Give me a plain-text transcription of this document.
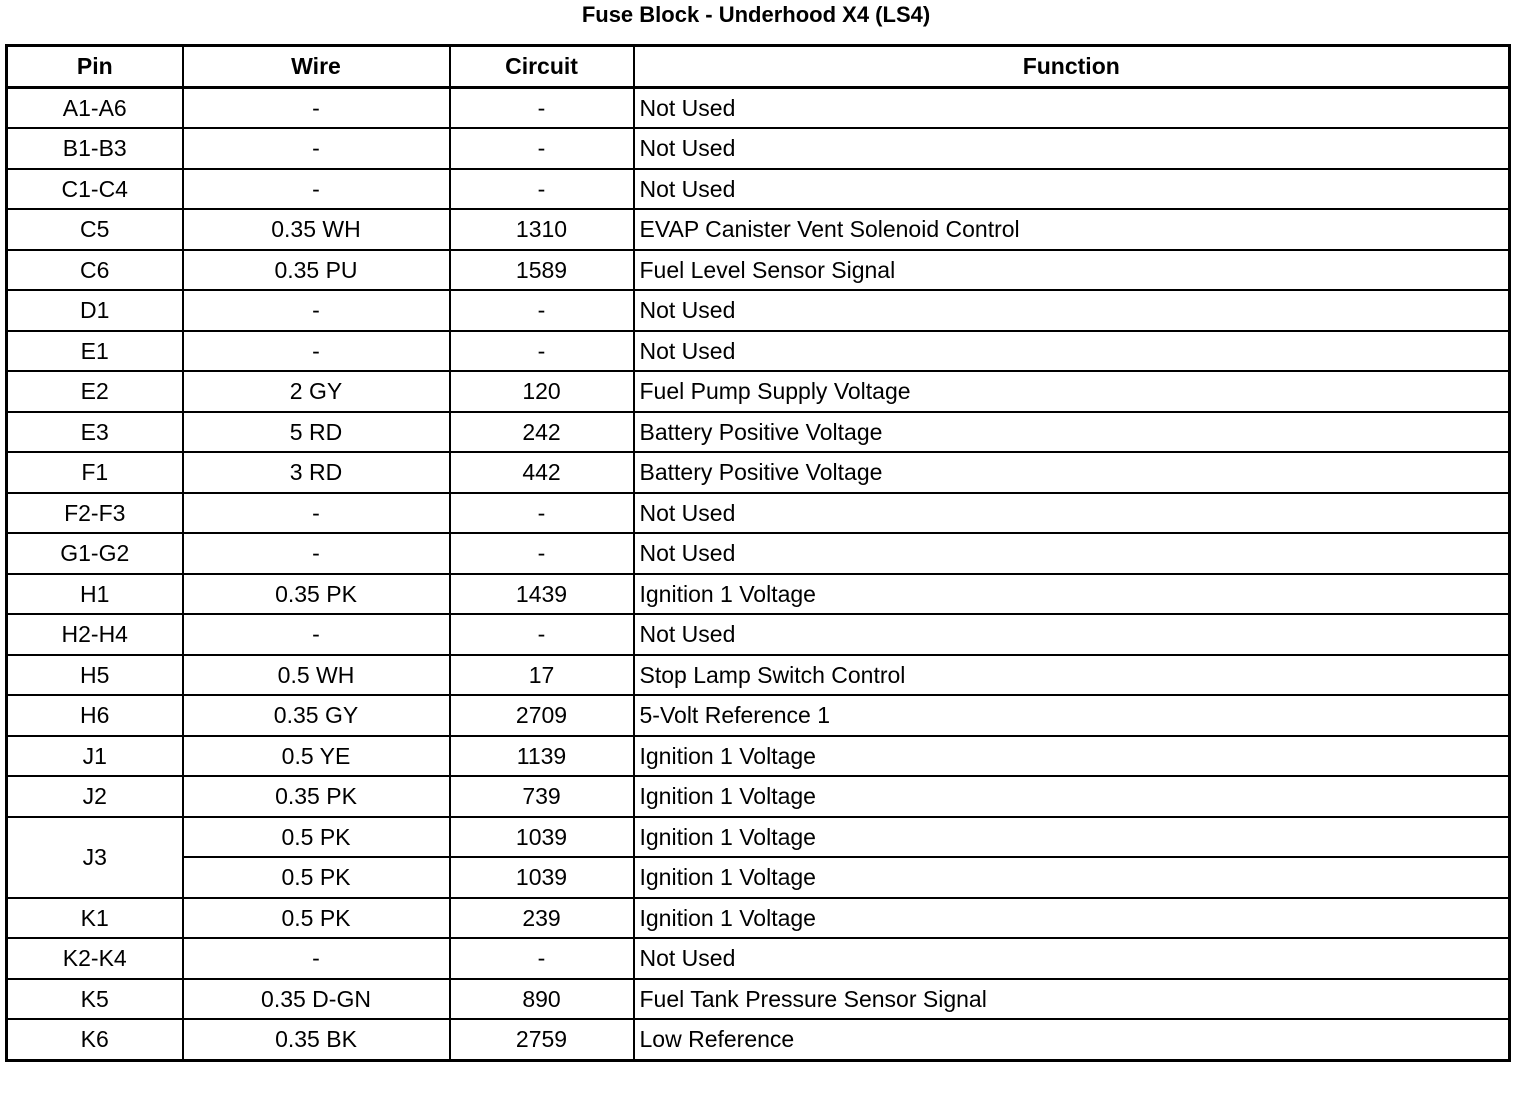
Fuse Block - Underhood X4 (LS4)
Pin	Wire	Circuit	Function
A1-A6	-	-	Not Used
B1-B3	-	-	Not Used
C1-C4	-	-	Not Used
C5	0.35 WH	1310	EVAP Canister Vent Solenoid Control
C6	0.35 PU	1589	Fuel Level Sensor Signal
D1	-	-	Not Used
E1	-	-	Not Used
E2	2 GY	120	Fuel Pump Supply Voltage
E3	5 RD	242	Battery Positive Voltage
F1	3 RD	442	Battery Positive Voltage
F2-F3	-	-	Not Used
G1-G2	-	-	Not Used
H1	0.35 PK	1439	Ignition 1 Voltage
H2-H4	-	-	Not Used
H5	0.5 WH	17	Stop Lamp Switch Control
H6	0.35 GY	2709	5-Volt Reference 1
J1	0.5 YE	1139	Ignition 1 Voltage
J2	0.35 PK	739	Ignition 1 Voltage
J3	0.5 PK	1039	Ignition 1 Voltage
	0.5 PK	1039	Ignition 1 Voltage
K1	0.5 PK	239	Ignition 1 Voltage
K2-K4	-	-	Not Used
K5	0.35 D-GN	890	Fuel Tank Pressure Sensor Signal
K6	0.35 BK	2759	Low Reference
